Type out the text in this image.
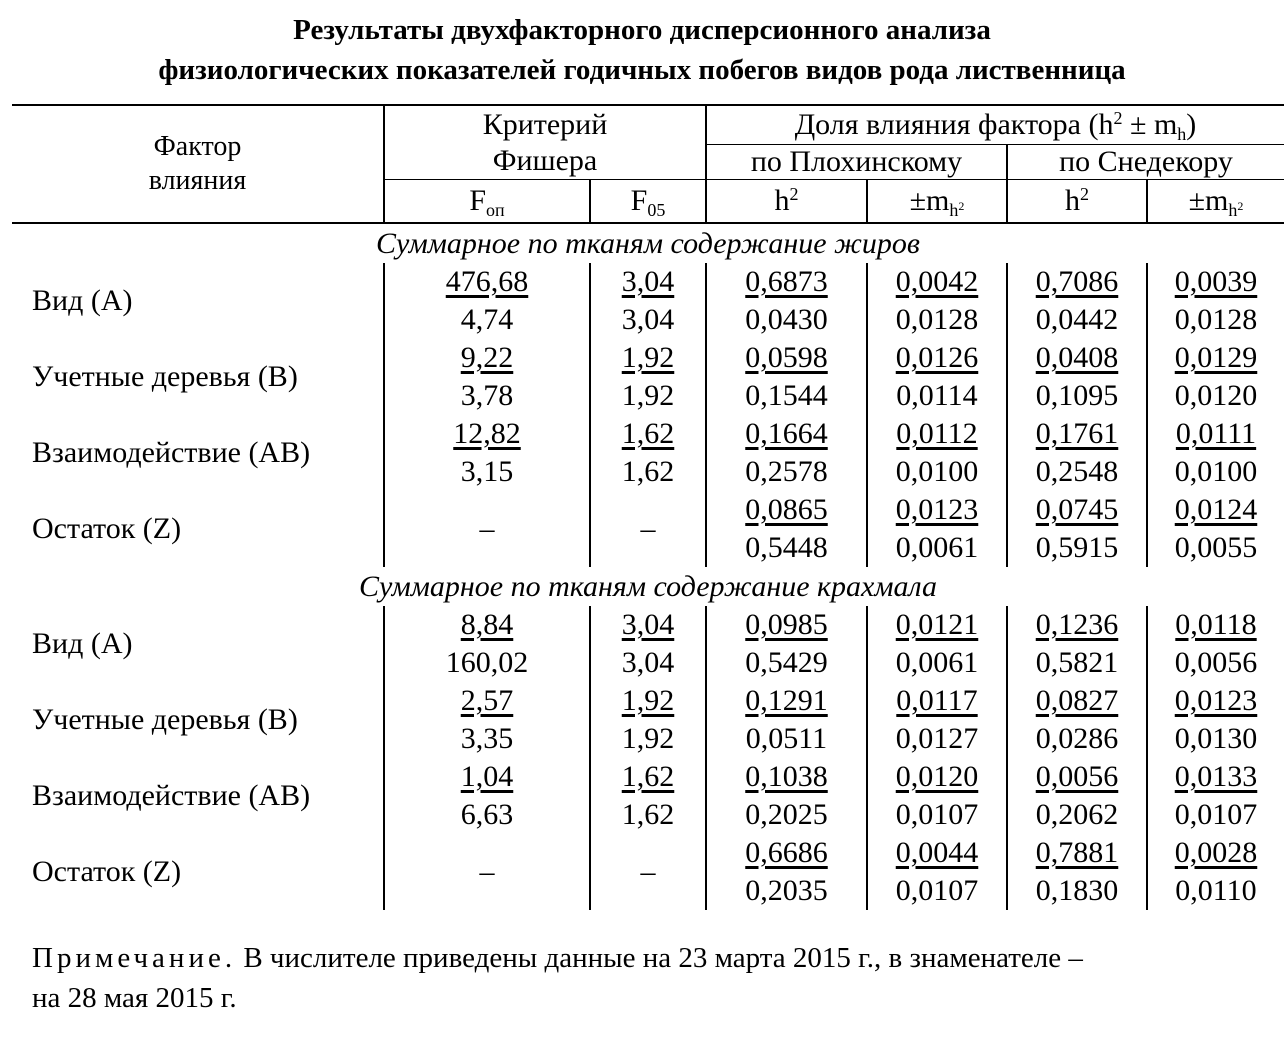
Результаты двухфакторного дисперсионного анализа
физиологических показателей годичных побегов видов рода лиственница
Фактор влияния	Критерий Фишера		Доля влияния фактора $(h^2 \pm m_h)$			
			по Плохинскому		по Снедекору	
	$F_{оп}$	$F_{05}$	$h^2$	$\pm m_{h^2}$	$h^2$	$\pm m_{h^2}$
Суммарное по тканям содержание жиров						
Вид (А)	476,68	3,04	0,6873	0,0042	0,7086	0,0039
	4,74	3,04	0,0430	0,0128	0,0442	0,0128
Учетные деревья (В)	9,22	1,92	0,0598	0,0126	0,0408	0,0129
	3,78	1,92	0,1544	0,0114	0,1095	0,0120
Взаимодействие (АВ)	12,82	1,62	0,1664	0,0112	0,1761	0,0111
	3,15	1,62	0,2578	0,0100	0,2548	0,0100
Остаток (Z)	–	–	0,0865	0,0123	0,0745	0,0124
			0,5448	0,0061	0,5915	0,0055
Суммарное по тканям содержание крахмала						
Вид (А)	8,84	3,04	0,0985	0,0121	0,1236	0,0118
	160,02	3,04	0,5429	0,0061	0,5821	0,0056
Учетные деревья (В)	2,57	1,92	0,1291	0,0117	0,0827	0,0123
	3,35	1,92	0,0511	0,0127	0,0286	0,0130
Взаимодействие (АВ)	1,04	1,62	0,1038	0,0120	0,0056	0,0133
	6,63	1,62	0,2025	0,0107	0,2062	0,0107
Остаток (Z)	–	–	0,6686	0,0044	0,7881	0,0028
			0,2035	0,0107	0,1830	0,0110
Примечание. В числителе приведены данные на 23 марта 2015 г., в знаменателе –
на 28 мая 2015 г.
